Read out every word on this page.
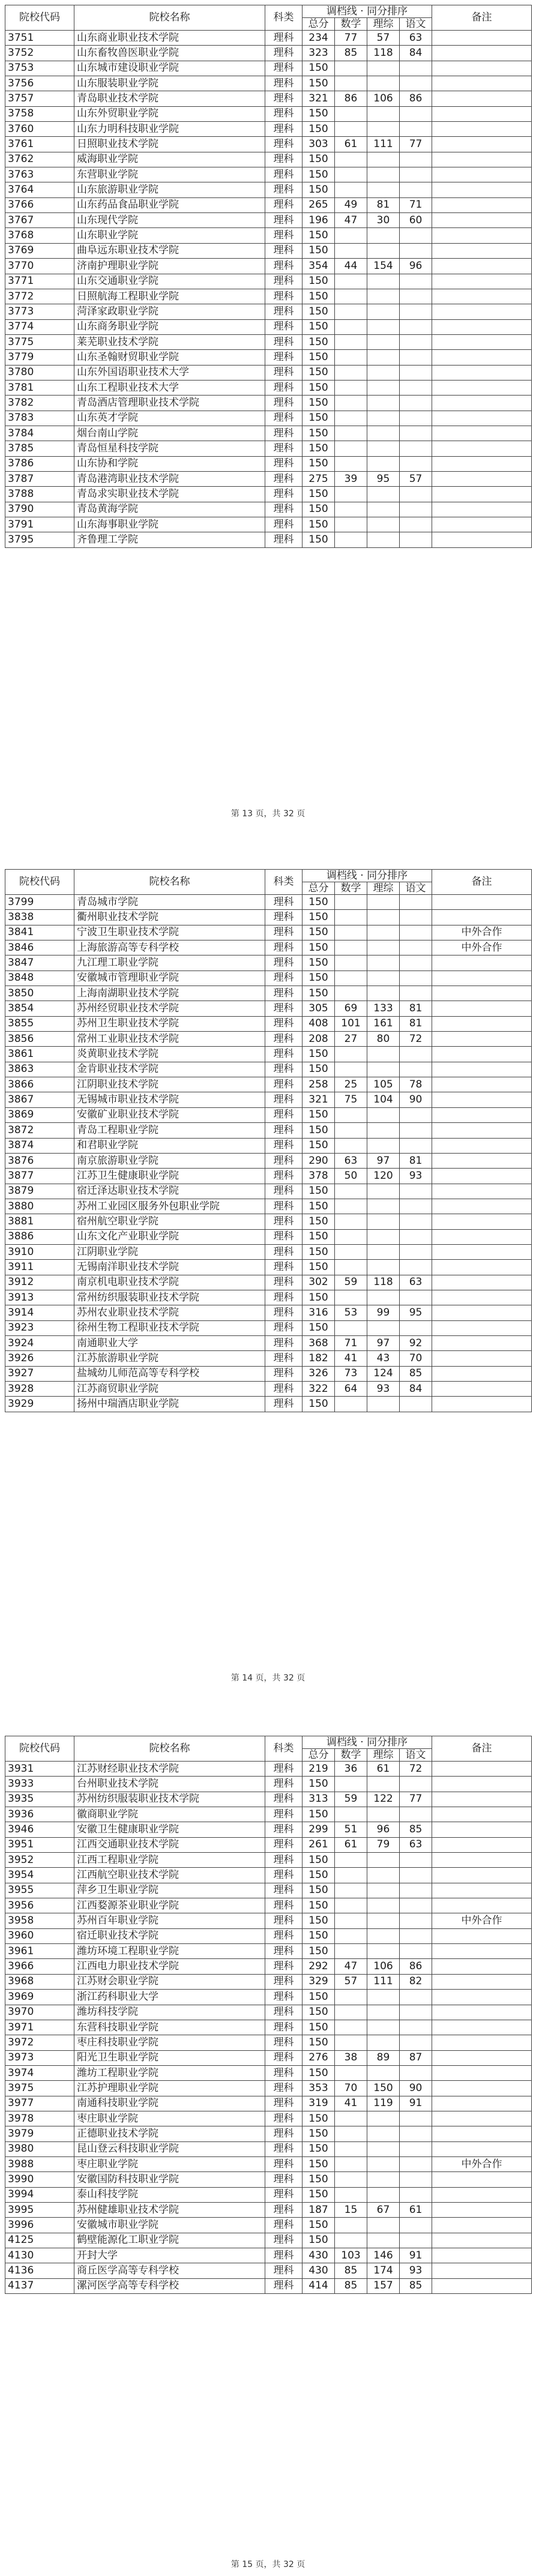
院校代码	院校名称	科类	调档线 · 同分排序				备注
			总分	数学	理综	语文	
3751	山东商业职业技术学院	理科	234	77	57	63	
3752	山东畜牧兽医职业学院	理科	323	85	118	84	
3753	山东城市建设职业学院	理科	150				
3756	山东服装职业学院	理科	150				
3757	青岛职业技术学院	理科	321	86	106	86	
3758	山东外贸职业学院	理科	150				
3760	山东力明科技职业学院	理科	150				
3761	日照职业技术学院	理科	303	61	111	77	
3762	威海职业学院	理科	150				
3763	东营职业学院	理科	150				
3764	山东旅游职业学院	理科	150				
3766	山东药品食品职业学院	理科	265	49	81	71	
3767	山东现代学院	理科	196	47	30	60	
3768	山东职业学院	理科	150				
3769	曲阜远东职业技术学院	理科	150				
3770	济南护理职业学院	理科	354	44	154	96	
3771	山东交通职业学院	理科	150				
3772	日照航海工程职业学院	理科	150				
3773	菏泽家政职业学院	理科	150				
3774	山东商务职业学院	理科	150				
3775	莱芜职业技术学院	理科	150				
3779	山东圣翰财贸职业学院	理科	150				
3780	山东外国语职业技术大学	理科	150				
3781	山东工程职业技术大学	理科	150				
3782	青岛酒店管理职业技术学院	理科	150				
3783	山东英才学院	理科	150				
3784	烟台南山学院	理科	150				
3785	青岛恒星科技学院	理科	150				
3786	山东协和学院	理科	150				
3787	青岛港湾职业技术学院	理科	275	39	95	57	
3788	青岛求实职业技术学院	理科	150				
3790	青岛黄海学院	理科	150				
3791	山东海事职业学院	理科	150				
3795	齐鲁理工学院	理科	150				
第 13 页，共 32 页
院校代码	院校名称	科类	调档线 · 同分排序				备注
			总分	数学	理综	语文	
3799	青岛城市学院	理科	150				
3838	衢州职业技术学院	理科	150				
3841	宁波卫生职业技术学院	理科	150				中外合作
3846	上海旅游高等专科学校	理科	150				中外合作
3847	九江理工职业学院	理科	150				
3848	安徽城市管理职业学院	理科	150				
3850	上海南湖职业技术学院	理科	150				
3854	苏州经贸职业技术学院	理科	305	69	133	81	
3855	苏州卫生职业技术学院	理科	408	101	161	81	
3856	常州工业职业技术学院	理科	208	27	80	72	
3861	炎黄职业技术学院	理科	150				
3863	金肯职业技术学院	理科	150				
3866	江阴职业技术学院	理科	258	25	105	78	
3867	无锡城市职业技术学院	理科	321	75	104	90	
3869	安徽矿业职业技术学院	理科	150				
3872	青岛工程职业学院	理科	150				
3874	和君职业学院	理科	150				
3876	南京旅游职业学院	理科	290	63	97	81	
3877	江苏卫生健康职业学院	理科	378	50	120	93	
3879	宿迁泽达职业技术学院	理科	150				
3880	苏州工业园区服务外包职业学院	理科	150				
3881	宿州航空职业学院	理科	150				
3886	山东文化产业职业学院	理科	150				
3910	江阴职业学院	理科	150				
3911	无锡南洋职业技术学院	理科	150				
3912	南京机电职业技术学院	理科	302	59	118	63	
3913	常州纺织服装职业技术学院	理科	150				
3914	苏州农业职业技术学院	理科	316	53	99	95	
3923	徐州生物工程职业技术学院	理科	150				
3924	南通职业大学	理科	368	71	97	92	
3926	江苏旅游职业学院	理科	182	41	43	70	
3927	盐城幼儿师范高等专科学校	理科	326	73	124	85	
3928	江苏商贸职业学院	理科	322	64	93	84	
3929	扬州中瑞酒店职业学院	理科	150				
第 14 页，共 32 页
院校代码	院校名称	科类	调档线 · 同分排序				备注
			总分	数学	理综	语文	
3931	江苏财经职业技术学院	理科	219	36	61	72	
3933	台州职业技术学院	理科	150				
3935	苏州纺织服装职业技术学院	理科	313	59	122	77	
3936	徽商职业学院	理科	150				
3946	安徽卫生健康职业学院	理科	299	51	96	85	
3951	江西交通职业技术学院	理科	261	61	79	63	
3952	江西工程职业学院	理科	150				
3954	江西航空职业技术学院	理科	150				
3955	萍乡卫生职业学院	理科	150				
3956	江西婺源茶业职业学院	理科	150				
3958	苏州百年职业学院	理科	150				中外合作
3960	宿迁职业技术学院	理科	150				
3961	潍坊环境工程职业学院	理科	150				
3966	江西电力职业技术学院	理科	292	47	106	86	
3968	江苏财会职业学院	理科	329	57	111	82	
3969	浙江药科职业大学	理科	150				
3970	潍坊科技学院	理科	150				
3971	东营科技职业学院	理科	150				
3972	枣庄科技职业学院	理科	150				
3973	阳光卫生职业学院	理科	276	38	89	87	
3974	潍坊工程职业学院	理科	150				
3975	江苏护理职业学院	理科	353	70	150	90	
3977	南通科技职业学院	理科	319	41	119	91	
3978	枣庄职业学院	理科	150				
3979	正德职业技术学院	理科	150				
3980	昆山登云科技职业学院	理科	150				
3988	枣庄职业学院	理科	150				中外合作
3990	安徽国防科技职业学院	理科	150				
3994	泰山科技学院	理科	150				
3995	苏州健雄职业技术学院	理科	187	15	67	61	
3996	安徽城市职业学院	理科	150				
4125	鹤壁能源化工职业学院	理科	150				
4130	开封大学	理科	430	103	146	91	
4136	商丘医学高等专科学校	理科	430	85	174	93	
4137	漯河医学高等专科学校	理科	414	85	157	85	
第 15 页，共 32 页
